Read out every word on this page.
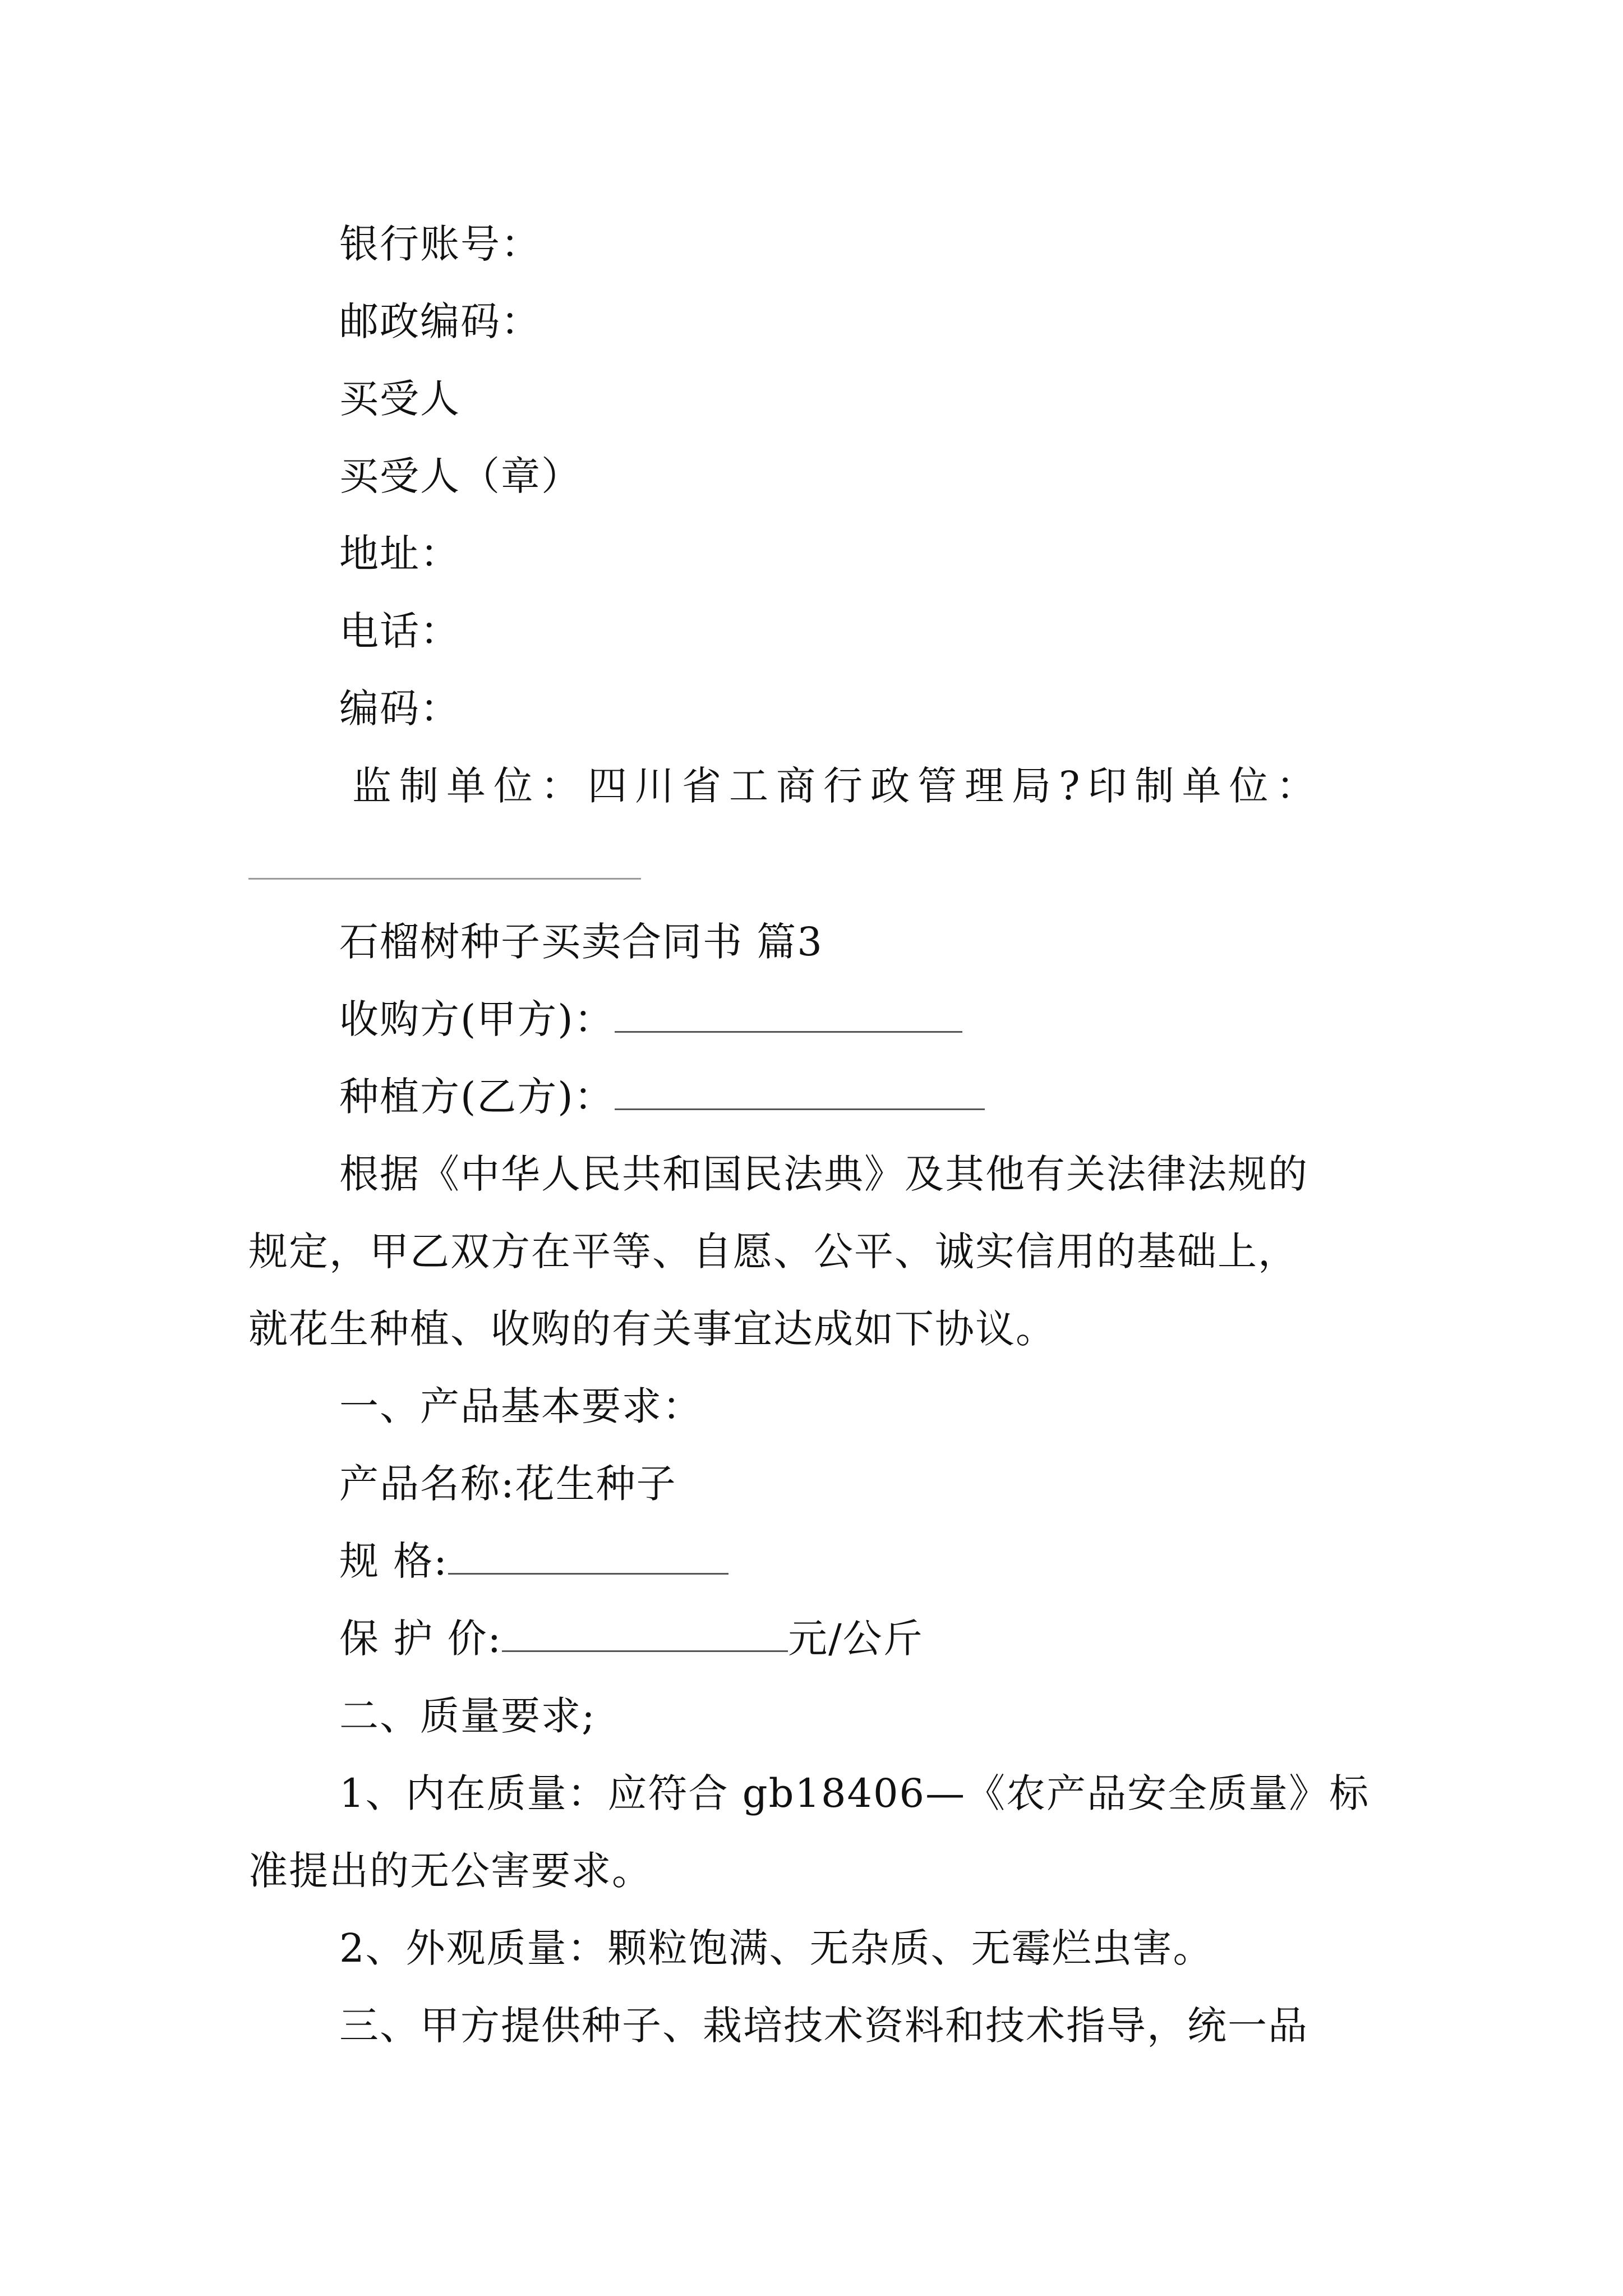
银行账号：
邮政编码：
买受人
买受人（章）
地址：
电话：
编码：
监制单位：四川省工商行政管理局?印制单位：
石榴树种子买卖合同书 篇3
收购方(甲方)：
种植方(乙方)：
根据《中华人民共和国民法典》及其他有关法律法规的
规定，甲乙双方在平等、自愿、公平、诚实信用的基础上，
就花生种植、收购的有关事宜达成如下协议。
一、产品基本要求：
产品名称:花生种子
规 格:
保 护 价:	元/公斤
二、质量要求;
1、内在质量：应符合 gb18406—《农产品安全质量》标
准提出的无公害要求。
2、外观质量：颗粒饱满、无杂质、无霉烂虫害。
三、甲方提供种子、栽培技术资料和技术指导，统一品
